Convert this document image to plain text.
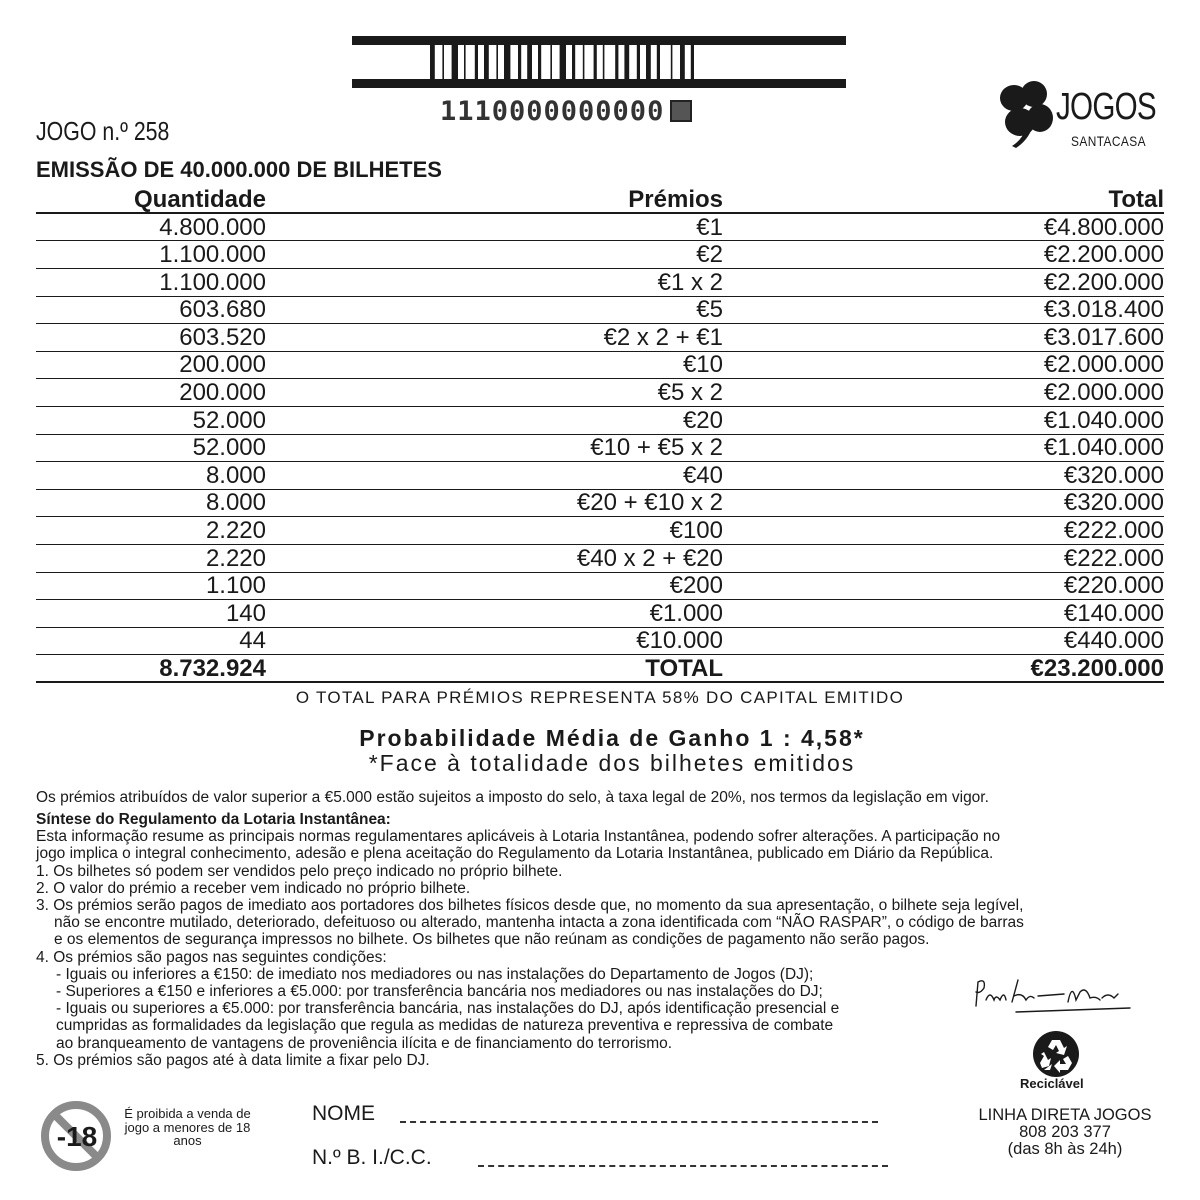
1110000000000
JOGO n.º 258
JOGOS
SANTACASA
EMISSÃO DE 40.000.000 DE BILHETES
Quantidade	Prémios	Total
4.800.000	€1	€4.800.000
1.100.000	€2	€2.200.000
1.100.000	€1 x 2	€2.200.000
603.680	€5	€3.018.400
603.520	€2 x 2 + €1	€3.017.600
200.000	€10	€2.000.000
200.000	€5 x 2	€2.000.000
52.000	€20	€1.040.000
52.000	€10 + €5 x 2	€1.040.000
8.000	€40	€320.000
8.000	€20 + €10 x 2	€320.000
2.220	€100	€222.000
2.220	€40 x 2 + €20	€222.000
1.100	€200	€220.000
140	€1.000	€140.000
44	€10.000	€440.000
8.732.924	TOTAL	€23.200.000
O TOTAL PARA PRÉMIOS REPRESENTA 58% DO CAPITAL EMITIDO
Probabilidade Média de Ganho 1 : 4,58*
*Face à totalidade dos bilhetes emitidos
Os prémios atribuídos de valor superior a €5.000 estão sujeitos a imposto do selo, à taxa legal de 20%, nos termos da legislação em vigor.
Síntese do Regulamento da Lotaria Instantânea:
Esta informação resume as principais normas regulamentares aplicáveis à Lotaria Instantânea, podendo sofrer alterações. A participação no
jogo implica o integral conhecimento, adesão e plena aceitação do Regulamento da Lotaria Instantânea, publicado em Diário da República.
1. Os bilhetes só podem ser vendidos pelo preço indicado no próprio bilhete.
2. O valor do prémio a receber vem indicado no próprio bilhete.
3. Os prémios serão pagos de imediato aos portadores dos bilhetes físicos desde que, no momento da sua apresentação, o bilhete seja legível,
não se encontre mutilado, deteriorado, defeituoso ou alterado, mantenha intacta a zona identificada com “NÃO RASPAR”, o código de barras
e os elementos de segurança impressos no bilhete. Os bilhetes que não reúnam as condições de pagamento não serão pagos.
4. Os prémios são pagos nas seguintes condições:
- Iguais ou inferiores a €150: de imediato nos mediadores ou nas instalações do Departamento de Jogos (DJ);
- Superiores a €150 e inferiores a €5.000: por transferência bancária nos mediadores ou nas instalações do DJ;
- Iguais ou superiores a €5.000: por transferência bancária, nas instalações do DJ, após identificação presencial e
cumpridas as formalidades da legislação que regula as medidas de natureza preventiva e repressiva de combate
ao branqueamento de vantagens de proveniência ilícita e de financiamento do terrorismo.
5. Os prémios são pagos até à data limite a fixar pelo DJ.
Reciclável
-18
É proibida a venda de jogo a menores de 18 anos
NOME
N.º B. I./C.C.
LINHA DIRETA JOGOS
808 203 377
(das 8h às 24h)
